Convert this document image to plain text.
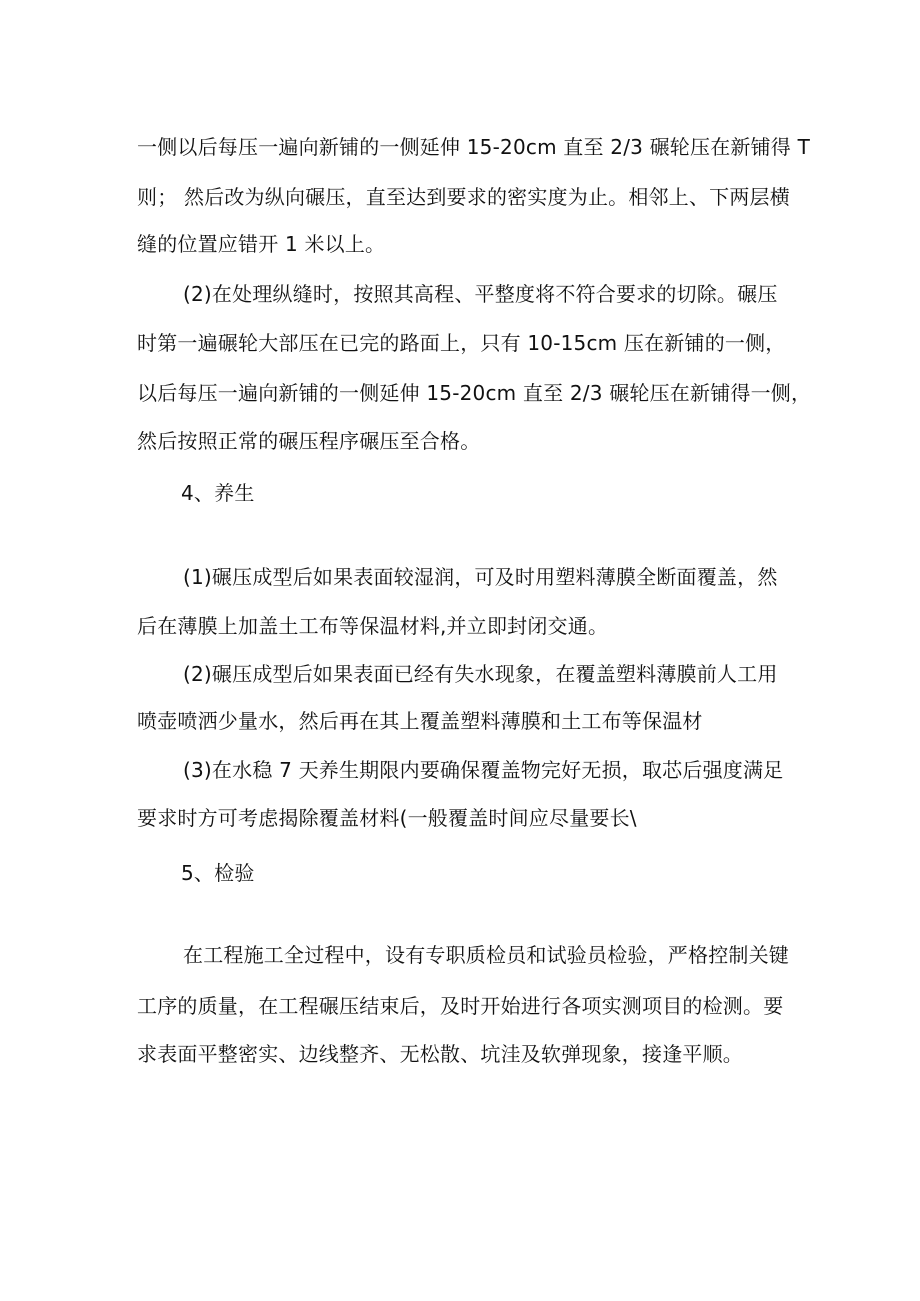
一侧以后每压一遍向新铺的一侧延伸 15-20cm 直至 2/3 碾轮压在新铺得 T
则； 然后改为纵向碾压，直至达到要求的密实度为止。相邻上、下两层横
缝的位置应错开 1 米以上。
(2)在处理纵缝时，按照其高程、平整度将不符合要求的切除。碾压
时第一遍碾轮大部压在已完的路面上，只有 10-15cm 压在新铺的一侧，
以后每压一遍向新铺的一侧延伸 15-20cm 直至 2/3 碾轮压在新铺得一侧，
然后按照正常的碾压程序碾压至合格。
4、养生
(1)碾压成型后如果表面较湿润，可及时用塑料薄膜全断面覆盖，然
后在薄膜上加盖土工布等保温材料,并立即封闭交通。
(2)碾压成型后如果表面已经有失水现象，在覆盖塑料薄膜前人工用
喷壶喷洒少量水，然后再在其上覆盖塑料薄膜和土工布等保温材
(3)在水稳 7 天养生期限内要确保覆盖物完好无损，取芯后强度满足
要求时方可考虑揭除覆盖材料(一般覆盖时间应尽量要长\
5、检验
在工程施工全过程中，设有专职质检员和试验员检验，严格控制关键
工序的质量，在工程碾压结束后，及时开始进行各项实测项目的检测。要
求表面平整密实、边线整齐、无松散、坑洼及软弹现象，接逢平顺。
